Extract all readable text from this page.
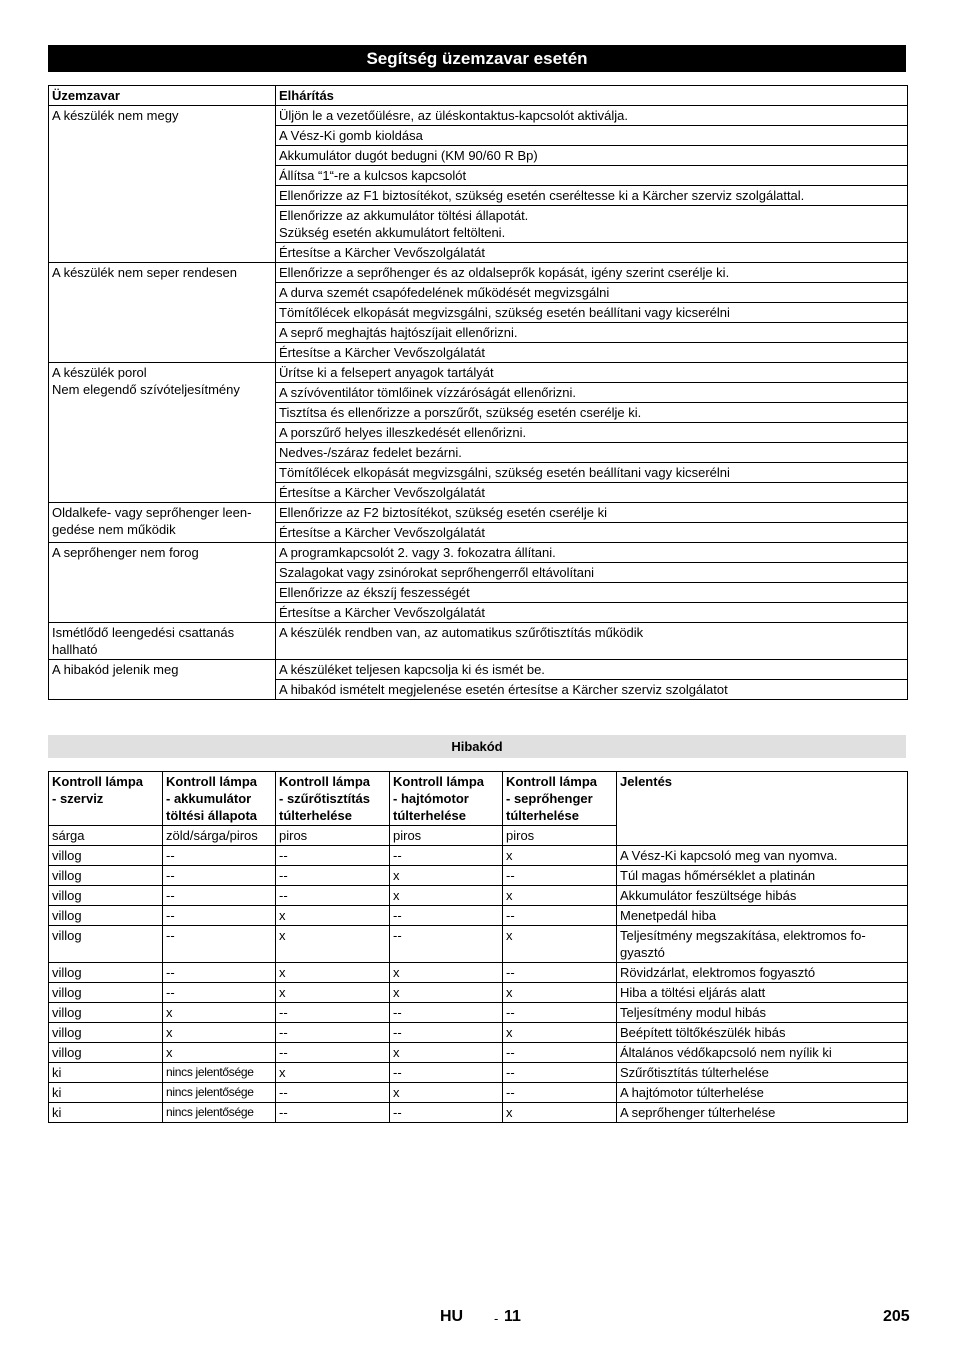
Segítség üzemzavar esetén
Üzemzavar	Elhárítás
A készülék nem megy	Üljön le a vezetőülésre, az üléskontaktus-kapcsolót aktiválja.
	A Vész-Ki gomb kioldása
	Akkumulátor dugót bedugni (KM 90/60 R Bp)
	Állítsa “1“-re a kulcsos kapcsolót
	Ellenőrizze az F1 biztosítékot, szükség esetén cseréltesse ki a Kärcher szerviz szolgálattal.
	Ellenőrizze az akkumulátor töltési állapotát.
Szükség esetén akkumulátort feltölteni.
	Értesítse a Kärcher Vevőszolgálatát
A készülék nem seper rendesen	Ellenőrizze a seprőhenger és az oldalseprők kopását, igény szerint cserélje ki.
	A durva szemét csapófedelének működését megvizsgálni
	Tömítőlécek elkopását megvizsgálni, szükség esetén beállítani vagy kicserélni
	A seprő meghajtás hajtószíjait ellenőrizni.
	Értesítse a Kärcher Vevőszolgálatát
A készülék porol
Nem elegendő szívóteljesítmény	Ürítse ki a felsepert anyagok tartályát
	A szívóventilátor tömlőinek vízzáróságát ellenőrizni.
	Tisztítsa és ellenőrizze a porszűrőt, szükség esetén cserélje ki.
	A porszűrő helyes illeszkedését ellenőrizni.
	Nedves-/száraz fedelet bezárni.
	Tömítőlécek elkopását megvizsgálni, szükség esetén beállítani vagy kicserélni
	Értesítse a Kärcher Vevőszolgálatát
Oldalkefe- vagy seprőhenger leen-
gedése nem működik	Ellenőrizze az F2 biztosítékot, szükség esetén cserélje ki
	Értesítse a Kärcher Vevőszolgálatát
A seprőhenger nem forog	A programkapcsolót 2. vagy 3. fokozatra állítani.
	Szalagokat vagy zsinórokat seprőhengerről eltávolítani
	Ellenőrizze az ékszíj feszességét
	Értesítse a Kärcher Vevőszolgálatát
Ismétlődő leengedési csattanás
hallható	A készülék rendben van, az automatikus szűrőtisztítás működik
A hibakód jelenik meg	A készüléket teljesen kapcsolja ki és ismét be.
	A hibakód ismételt megjelenése esetén értesítse a Kärcher szerviz szolgálatot
Hibakód
Kontroll lámpa
- szerviz	Kontroll lámpa
- akkumulátor
töltési állapota	Kontroll lámpa
- szűrőtisztítás
túlterhelése	Kontroll lámpa
- hajtómotor
túlterhelése	Kontroll lámpa
- seprőhenger
túlterhelése	Jelentés
sárga	zöld/sárga/piros	piros	piros	piros	
villog	--	--	--	x	A Vész-Ki kapcsoló meg van nyomva.
villog	--	--	x	--	Túl magas hőmérséklet a platinán
villog	--	--	x	x	Akkumulátor feszültsége hibás
villog	--	x	--	--	Menetpedál hiba
villog	--	x	--	x	Teljesítmény megszakítása, elektromos fo-
gyasztó
villog	--	x	x	--	Rövidzárlat, elektromos fogyasztó
villog	--	x	x	x	Hiba a töltési eljárás alatt
villog	x	--	--	--	Teljesítmény modul hibás
villog	x	--	--	x	Beépített töltőkészülék hibás
villog	x	--	x	--	Általános védőkapcsoló nem nyílik ki
ki	nincs jelentősége	x	--	--	Szűrőtisztítás túlterhelése
ki	nincs jelentősége	--	x	--	A hajtómotor túlterhelése
ki	nincs jelentősége	--	--	x	A seprőhenger túlterhelése
HU - 11	205
